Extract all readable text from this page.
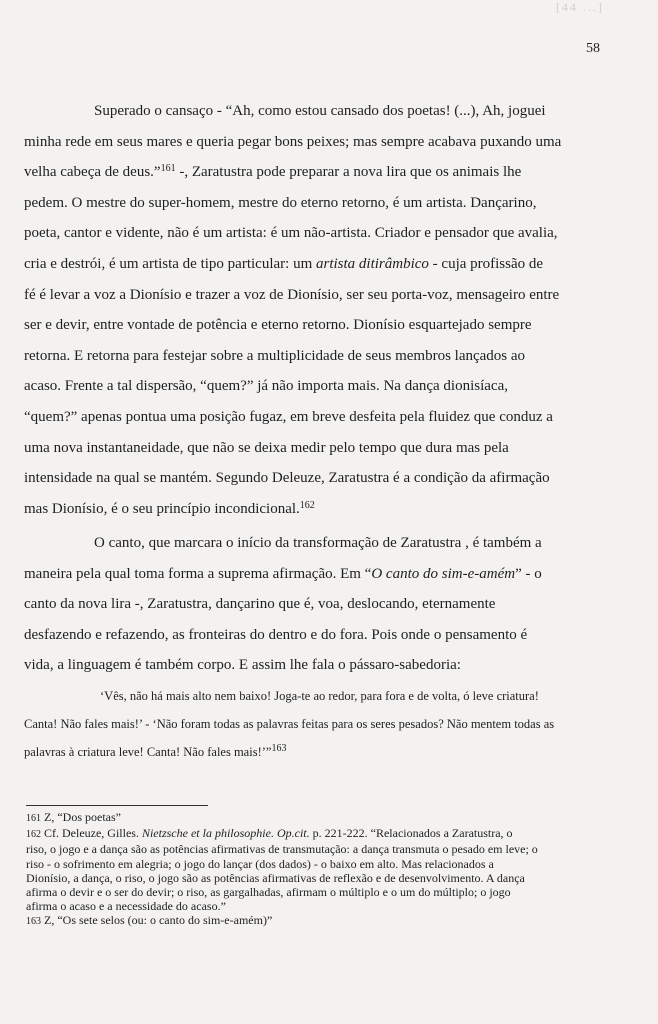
[44 ...]
58
Superado o cansaço - “Ah, como estou cansado dos poetas! (...), Ah, joguei
minha rede em seus mares e queria pegar bons peixes; mas sempre acabava puxando uma
velha cabeça de deus.”$^{161}$ -, Zaratustra pode preparar a nova lira que os animais lhe
pedem. O mestre do super-homem, mestre do eterno retorno, é um artista. Dançarino,
poeta, cantor e vidente, não é um artista: é um não-artista. Criador e pensador que avalia,
cria e destrói, é um artista de tipo particular: um artista ditirâmbico - cuja profissão de
fé é levar a voz a Dionísio e trazer a voz de Dionísio, ser seu porta-voz, mensageiro entre
ser e devir, entre vontade de potência e eterno retorno. Dionísio esquartejado sempre
retorna. E retorna para festejar sobre a multiplicidade de seus membros lançados ao
acaso. Frente a tal dispersão, “quem?” já não importa mais. Na dança dionisíaca,
“quem?” apenas pontua uma posição fugaz, em breve desfeita pela fluidez que conduz a
uma nova instantaneidade, que não se deixa medir pelo tempo que dura mas pela
intensidade na qual se mantém. Segundo Deleuze, Zaratustra é a condição da afirmação
mas Dionísio, é o seu princípio incondicional.$^{162}$
O canto, que marcara o início da transformação de Zaratustra , é também a
maneira pela qual toma forma a suprema afirmação. Em “O canto do sim-e-amém” - o
canto da nova lira -, Zaratustra, dançarino que é, voa, deslocando, eternamente
desfazendo e refazendo, as fronteiras do dentro e do fora. Pois onde o pensamento é
vida, a linguagem é também corpo. E assim lhe fala o pássaro-sabedoria:
‘Vês, não há mais alto nem baixo! Joga-te ao redor, para fora e de volta, ó leve criatura!
Canta! Não fales mais!’ - ‘Não foram todas as palavras feitas para os seres pesados? Não mentem todas as
palavras à criatura leve! Canta! Não fales mais!’”$^{163}$
161 Z, “Dos poetas”
162 Cf. Deleuze, Gilles. Nietzsche et la philosophie. Op.cit. p. 221-222. “Relacionados a Zaratustra, o
riso, o jogo e a dança são as potências afirmativas de transmutação: a dança transmuta o pesado em leve; o
riso - o sofrimento em alegria; o jogo do lançar (dos dados) - o baixo em alto. Mas relacionados a
Dionísio, a dança, o riso, o jogo são as potências afirmativas de reflexão e de desenvolvimento. A dança
afirma o devir e o ser do devir; o riso, as gargalhadas, afirmam o múltiplo e o um do múltiplo; o jogo
afirma o acaso e a necessidade do acaso.”
163 Z, “Os sete selos (ou: o canto do sim-e-amém)”
